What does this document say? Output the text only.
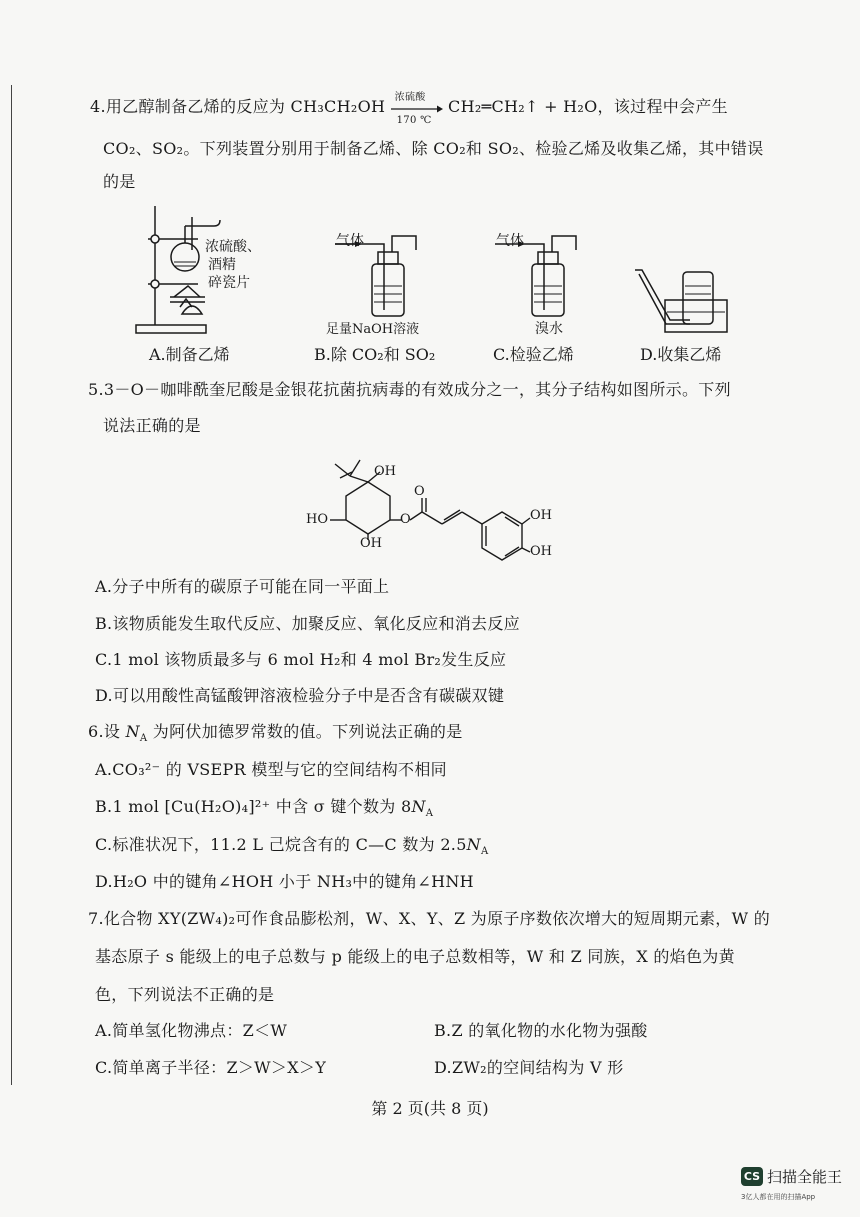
4.用乙醇制备乙烯的反应为 CH₃CH₂OH 浓硫酸
170 ℃
CH₂═CH₂↑ + H₂O，该过程中会产生
CO₂、SO₂。下列装置分别用于制备乙烯、除 CO₂和 SO₂、检验乙烯及收集乙烯，其中错误
的是
浓硫酸、
酒精
碎瓷片
气体
足量NaOH溶液
气体
溴水
A.制备乙烯	B.除 CO₂和 SO₂	C.检验乙烯	D.收集乙烯
5.3－O－咖啡酰奎尼酸是金银花抗菌抗病毒的有效成分之一，其分子结构如图所示。下列
说法正确的是
OH
HO
OH
O
O
OH
OH
A.分子中所有的碳原子可能在同一平面上
B.该物质能发生取代反应、加聚反应、氧化反应和消去反应
C.1 mol 该物质最多与 6 mol H₂和 4 mol Br₂发生反应
D.可以用酸性高锰酸钾溶液检验分子中是否含有碳碳双键
6.设 $N_A$ 为阿伏加德罗常数的值。下列说法正确的是
A.CO₃²⁻ 的 VSEPR 模型与它的空间结构不相同
B.1 mol [Cu(H₂O)₄]²⁺ 中含 σ 键个数为 $8N_A$
C.标准状况下，11.2 L 己烷含有的 C—C 数为 $2.5N_A$
D.H₂O 中的键角∠HOH 小于 NH₃中的键角∠HNH
7.化合物 XY(ZW₄)₂可作食品膨松剂，W、X、Y、Z 为原子序数依次增大的短周期元素，W 的
基态原子 s 能级上的电子总数与 p 能级上的电子总数相等，W 和 Z 同族，X 的焰色为黄
色，下列说法不正确的是
A.简单氢化物沸点：Z＜W	B.Z 的氧化物的水化物为强酸
C.简单离子半径：Z＞W＞X＞Y	D.ZW₂的空间结构为 V 形
第 2 页(共 8 页)
CS 扫描全能王
3亿人都在用的扫描App
